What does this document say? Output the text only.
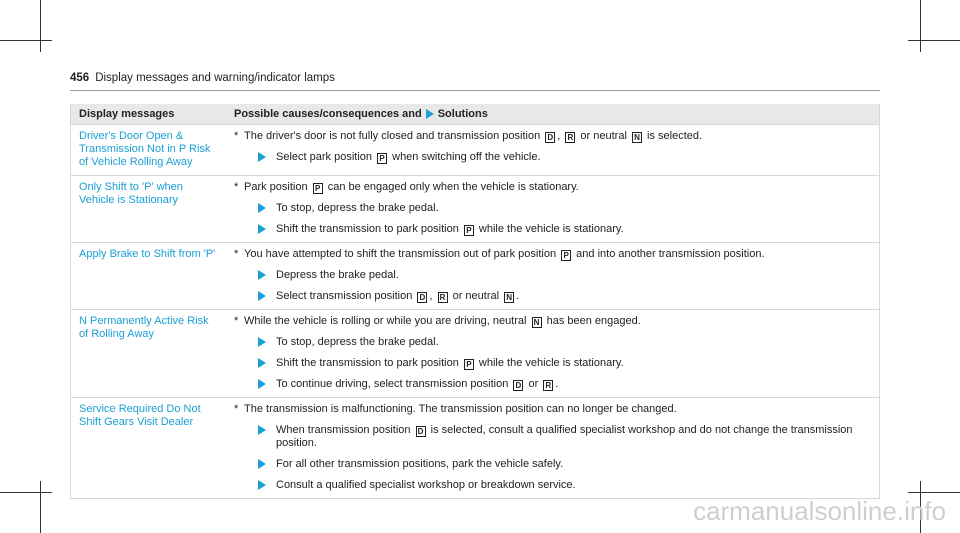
456 Display messages and warning/indicator lamps
Display messages	Possible causes/consequences and Solutions
Driver's Door Open & Transmission Not in P Risk of Vehicle Rolling Away
* The driver's door is not fully closed and transmission position D , R or neutral N is selected.
Select park position P when switching off the vehicle.
Only Shift to 'P' when Vehicle is Stationary
* Park position P can be engaged only when the vehicle is stationary.
To stop, depress the brake pedal.
Shift the transmission to park position P while the vehicle is stationary.
Apply Brake to Shift from 'P'	* You have attempted to shift the transmission out of park position P and into another transmission position.
Depress the brake pedal.
Select transmission position D , R or neutral N .
N Permanently Active Risk of Rolling Away
* While the vehicle is rolling or while you are driving, neutral N has been engaged.
To stop, depress the brake pedal.
Shift the transmission to park position P while the vehicle is stationary.
To continue driving, select transmission position D or R .
Service Required Do Not Shift Gears Visit Dealer
* The transmission is malfunctioning. The transmission position can no longer be changed.
When transmission position D is selected, consult a qualified specialist workshop and do not change the transmission position.
For all other transmission positions, park the vehicle safely.
Consult a qualified specialist workshop or breakdown service.
carmanualsonline.info
